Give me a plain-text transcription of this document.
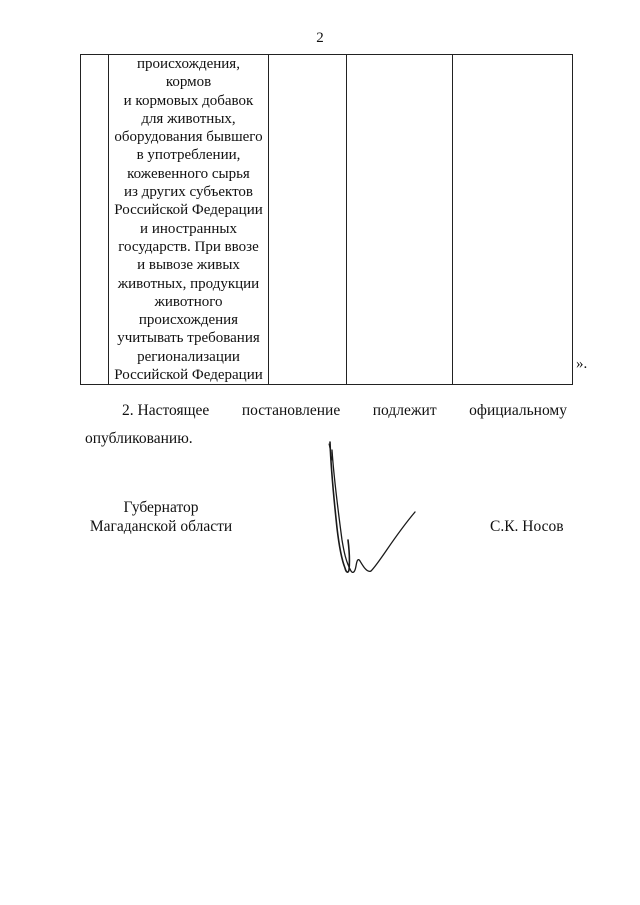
2

происхождения,
кормов
и кормовых добавок
для животных,
оборудования бывшего
в употреблении,
кожевенного сырья
из других субъектов
Российской Федерации
и иностранных
государств. При ввозе
и вывозе живых
животных, продукции
животного
происхождения
учитывать требования
регионализации
Российской Федерации

».
2. Настоящее постановление подлежит официальному
опубликованию.
Губернатор
Магаданской области	С.К. Носов
